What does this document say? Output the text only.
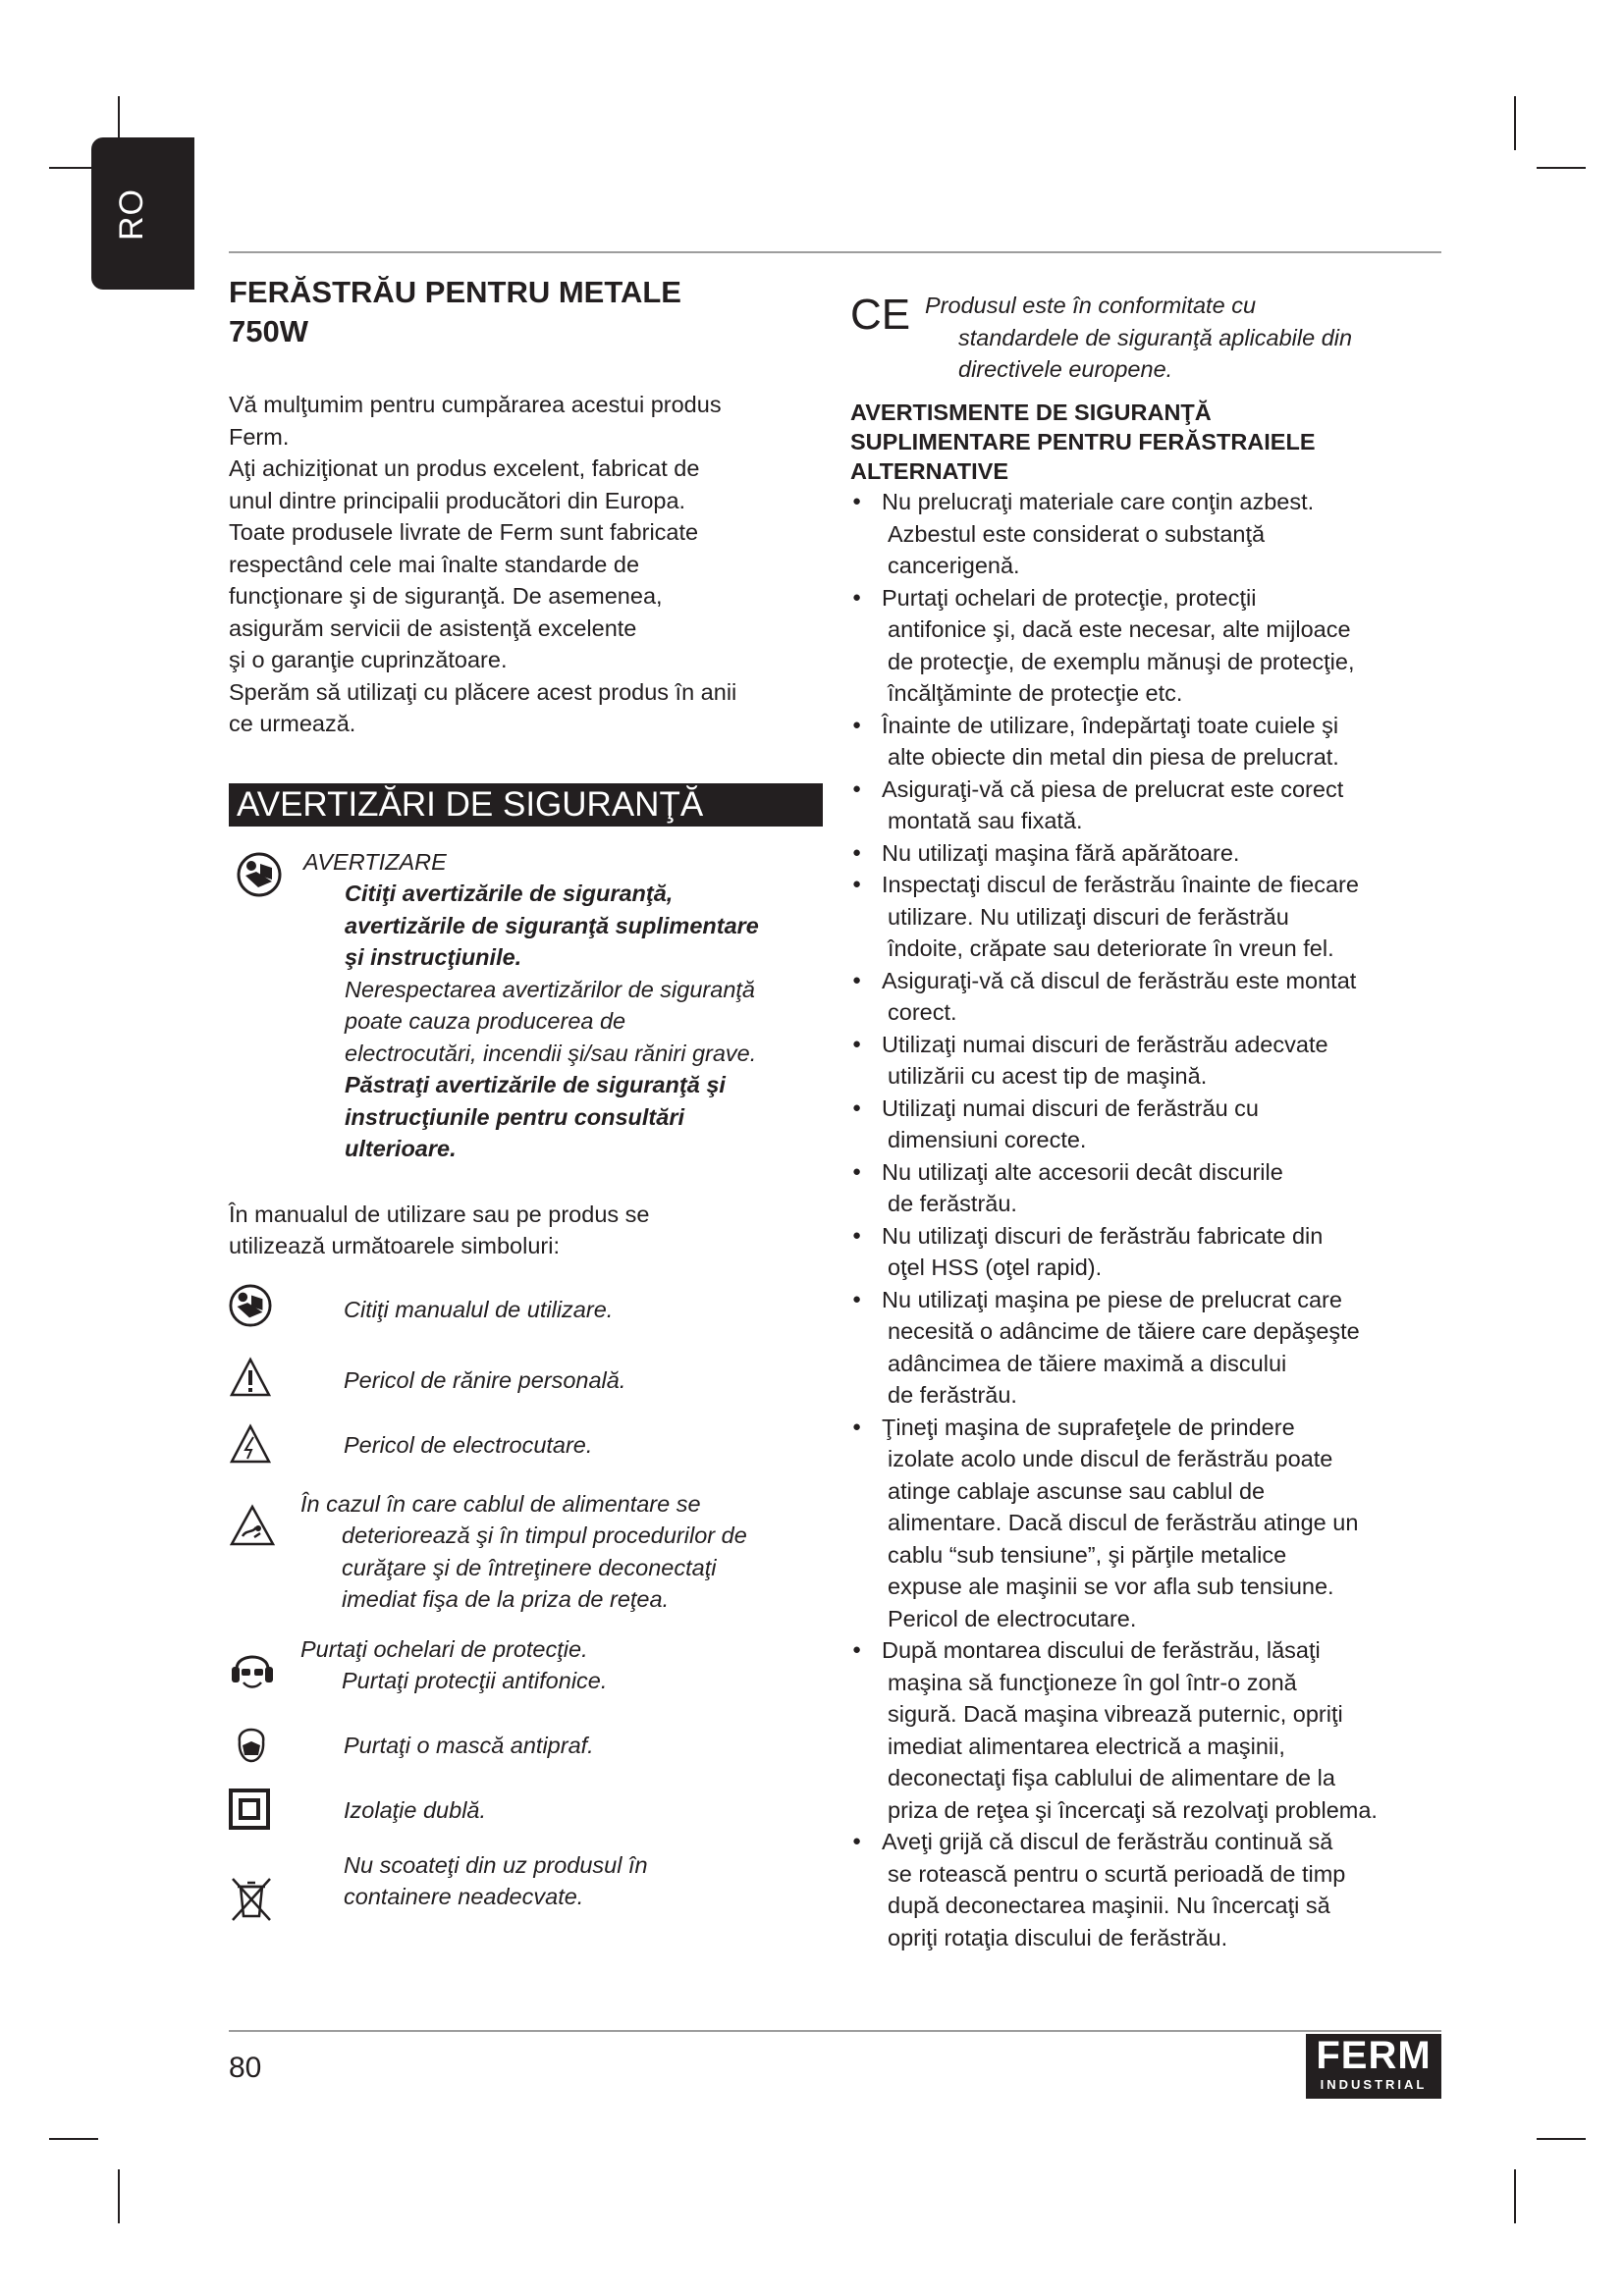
RO
FERĂSTRĂU PENTRU METALE
750W
Vă mulţumim pentru cumpărarea acestui produs
Ferm.
Aţi achiziţionat un produs excelent, fabricat de
unul dintre principalii producători din Europa.
Toate produsele livrate de Ferm sunt fabricate
respectând cele mai înalte standarde de
funcţionare şi de siguranţă. De asemenea,
asigurăm servicii de asistenţă excelente
şi o garanţie cuprinzătoare.
Sperăm să utilizaţi cu plăcere acest produs în anii
ce urmează.
AVERTIZĂRI DE SIGURANŢĂ
AVERTIZARE
Citiţi avertizările de siguranţă,
avertizările de siguranţă suplimentare
şi instrucţiunile.
Nerespectarea avertizărilor de siguranţă
poate cauza producerea de
electrocutări, incendii şi/sau răniri grave.
Păstraţi avertizările de siguranţă şi
instrucţiunile pentru consultări
ulterioare.
În manualul de utilizare sau pe produs se
utilizează următoarele simboluri:
Citiţi manualul de utilizare.
Pericol de rănire personală.
Pericol de electrocutare.
În cazul în care cablul de alimentare se
deteriorează şi în timpul procedurilor de
curăţare şi de întreţinere deconectaţi
imediat fişa de la priza de reţea.
Purtaţi ochelari de protecţie.
Purtaţi protecţii antifonice.
Purtaţi o mască antipraf.
Izolaţie dublă.
Nu scoateţi din uz produsul în
containere neadecvate.
CE Produsul este în conformitate cu
standardele de siguranţă aplicabile din
directivele europene.
AVERTISMENTE DE SIGURANŢĂ
SUPLIMENTARE PENTRU FERĂSTRAIELE
ALTERNATIVE
● Nu prelucraţi materiale care conţin azbest.
Azbestul este considerat o substanţă
cancerigenă.
● Purtaţi ochelari de protecţie, protecţii
antifonice şi, dacă este necesar, alte mijloace
de protecţie, de exemplu mănuşi de protecţie,
încălţăminte de protecţie etc.
● Înainte de utilizare, îndepărtaţi toate cuiele şi
alte obiecte din metal din piesa de prelucrat.
● Asiguraţi-vă că piesa de prelucrat este corect
montată sau fixată.
● Nu utilizaţi maşina fără apărătoare.
● Inspectaţi discul de ferăstrău înainte de fiecare
utilizare. Nu utilizaţi discuri de ferăstrău
îndoite, crăpate sau deteriorate în vreun fel.
● Asiguraţi-vă că discul de ferăstrău este montat
corect.
● Utilizaţi numai discuri de ferăstrău adecvate
utilizării cu acest tip de maşină.
● Utilizaţi numai discuri de ferăstrău cu
dimensiuni corecte.
● Nu utilizaţi alte accesorii decât discurile
de ferăstrău.
● Nu utilizaţi discuri de ferăstrău fabricate din
oţel HSS (oţel rapid).
● Nu utilizaţi maşina pe piese de prelucrat care
necesită o adâncime de tăiere care depăşeşte
adâncimea de tăiere maximă a discului
de ferăstrău.
● Ţineţi maşina de suprafeţele de prindere
izolate acolo unde discul de ferăstrău poate
atinge cablaje ascunse sau cablul de
alimentare. Dacă discul de ferăstrău atinge un
cablu “sub tensiune”, şi părţile metalice
expuse ale maşinii se vor afla sub tensiune.
Pericol de electrocutare.
● După montarea discului de ferăstrău, lăsaţi
maşina să funcţioneze în gol într-o zonă
sigură. Dacă maşina vibrează puternic, opriţi
imediat alimentarea electrică a maşinii,
deconectaţi fişa cablului de alimentare de la
priza de reţea şi încercaţi să rezolvaţi problema.
● Aveţi grijă că discul de ferăstrău continuă să
se rotească pentru o scurtă perioadă de timp
după deconectarea maşinii. Nu încercaţi să
opriţi rotaţia discului de ferăstrău.
80	FERM
INDUSTRIAL
